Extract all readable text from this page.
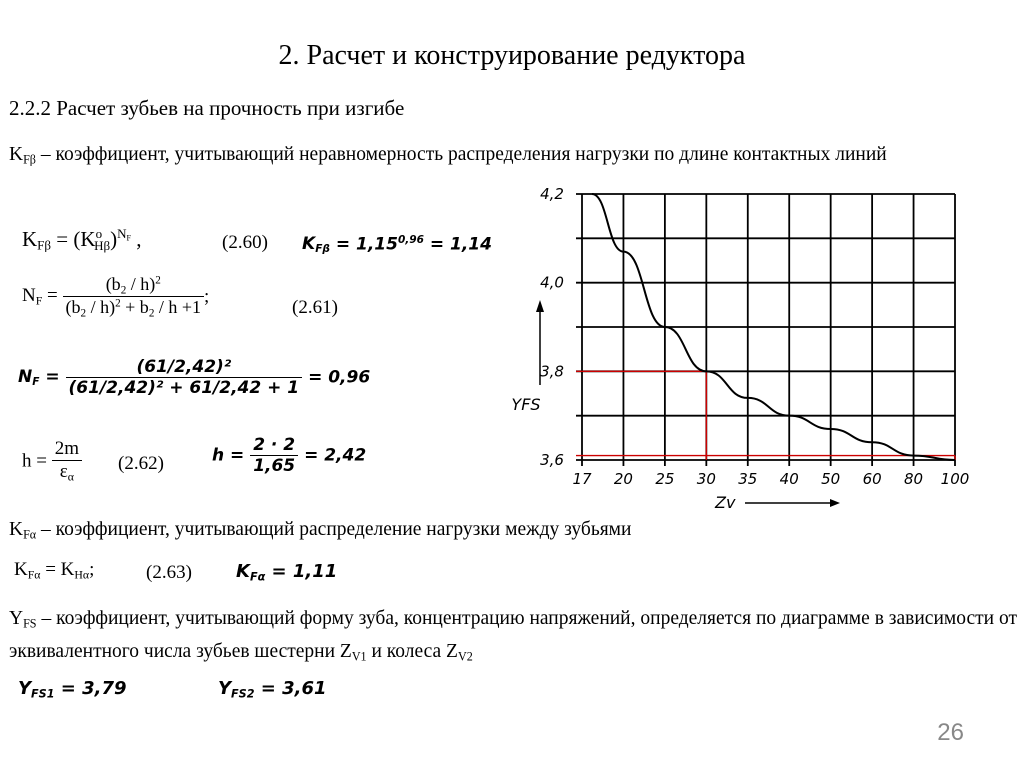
2. Расчет и конструирование редуктора
2.2.2 Расчет зубьев на прочность при изгибе
$K_{F\beta}$ – коэффициент, учитывающий неравномерность распределения нагрузки по длине контактных линий
$K_{F\beta} = (K^o_{H\beta})^{N_F}$ ,	(2.60) $K_{F\beta} = 1,15^{0,96} = 1,14$
$N_F = \frac{(b_2 / h)^2}{(b_2 / h)^2 + b_2 / h +1}$ ;
(2.61)
$N_F = \frac{\text{(61/2,42)²}}{\text{(61/2,42)² + 61/2,42 + 1}} = 0,96$
$h = \frac{2m}{\varepsilon_\alpha} (2.62)$	$h = \frac{2 \cdot 2}{1,65} = 2,42$
$K_{F\alpha}$ – коэффициент, учитывающий распределение нагрузки между зубьями
$K_{F\alpha} = K_{H\alpha}$;	(2.63) $K_{F\alpha} = 1,11$
$Y_{FS}$ – коэффициент, учитывающий форму зуба, концентрацию напряжений, определяется по диаграмме в зависимости от эквивалентного числа зубьев шестерни $Z_{V1}$ и колеса $Z_{V2}$
$Y_{FS1} = 3,79$	$Y_{FS2} = 3,61$
4,2
4,0
3,8
3,6
17 20 25 30 35 40 50 60 80 100
Zv
YFS
26
